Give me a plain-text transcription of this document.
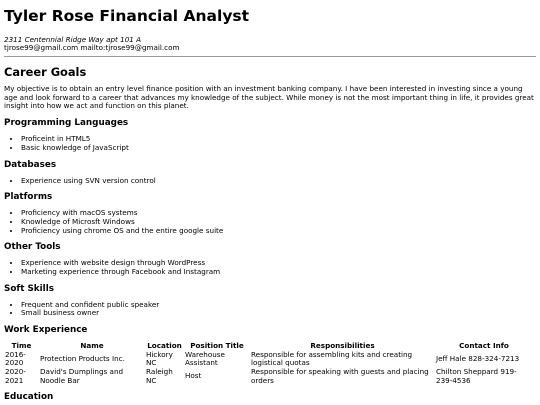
Tyler Rose Financial Analyst

2311 Centennial Ridge Way apt 101 A

tjrose99@gmail.com mailto:tjrose99@gmail.com

Career Goals

My objective is to obtain an entry level finance position with an investment banking company. I have been interested in investing since a young age and look forward to a career that advances my knowledge of the subject. While money is not the most important thing in life, it provides great insight into how we act and function on this planet.

Programming Languages
• Proficeint in HTML5
• Basic knowledge of JavaScript
Databases
• Experience using SVN version control
Platforms
• Proficiency with macOS systems
• Knowledge of Microsft Windows
• Proficiency using chrome OS and the entire google suite
Other Tools
• Experience with website design through WordPress
• Marketing experience through Facebook and Instagram
Soft Skills
• Frequent and confident public speaker
• Small business owner
Work Experience
Time	Name	Location	Position Title	Responsibilities	Contact Info
2016-2020	Protection Products Inc.	Hickory NC	Warehouse Assistant	Responsible for assembling kits and creating logistical quotas	Jeff Hale 828-324-7213
2020-2021	David's Dumplings and Noodle Bar	Raleigh NC	Host	Responsible for speaking with guests and placing orders	Chilton Sheppard 919-239-4536
Education
